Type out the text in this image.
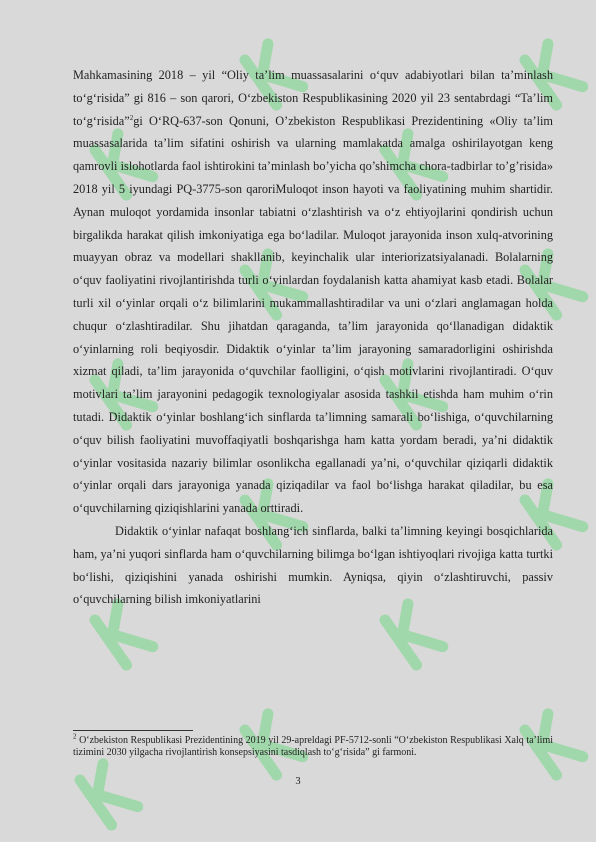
Mahkamasining 2018 – yil “Oliy ta’lim muassasalarini o‘quv adabiyotlari bilan ta’minlash to‘g‘risida” gi 816 – son qarori, O‘zbekiston Respublikasining 2020 yil 23 sentabrdagi “Ta’lim to‘g‘risida”$^2$gi O‘RQ-637-son Qonuni, O’zbekiston Respublikasi Prezidentining «Oliy ta’lim muassasalarida ta’lim sifatini oshirish va ularning mamlakatda amalga oshirilayotgan keng qamrovli islohotlarda faol ishtirokini ta’minlash bo’yicha qo’shimcha chora-tadbirlar to’g’risida» 2018 yil 5 iyundagi PQ-3775-son qaroriMuloqot inson hayoti va faoliyatining muhim shartidir. Aynan muloqot yordamida insonlar tabiatni o‘zlashtirish va o‘z ehtiyojlarini qondirish uchun birgalikda harakat qilish imkoniyatiga ega bo‘ladilar. Muloqot jarayonida inson xulq-atvorining muayyan obraz va modellari shakllanib, keyinchalik ular interiorizatsiyalanadi. Bolalarning o‘quv faoliyatini rivojlantirishda turli o‘yinlardan foydalanish katta ahamiyat kasb etadi. Bolalar turli xil o‘yinlar orqali o‘z bilimlarini mukammallashtiradilar va uni o‘zlari anglamagan holda chuqur o‘zlashtiradilar. Shu jihatdan qaraganda, ta’lim jarayonida qo‘llanadigan didaktik o‘yinlarning roli beqiyosdir. Didaktik o‘yinlar ta’lim jarayoning samaradorligini oshirishda xizmat qiladi, ta’lim jarayonida o‘quvchilar faolligini, o‘qish motivlarini rivojlantiradi. O‘quv motivlari ta’lim jarayonini pedagogik texnologiyalar asosida tashkil etishda ham muhim o‘rin tutadi. Didaktik o‘yinlar boshlang‘ich sinflarda ta’limning samarali bo‘lishiga, o‘quvchilarning o‘quv bilish faoliyatini muvoffaqiyatli boshqarishga ham katta yordam beradi, ya’ni didaktik o‘yinlar vositasida nazariy bilimlar osonlikcha egallanadi ya’ni, o‘quvchilar qiziqarli didaktik o‘yinlar orqali dars jarayoniga yanada qiziqadilar va faol bo‘lishga harakat qiladilar, bu esa o‘quvchilarning qiziqishlarini yanada orttiradi.

Didaktik o‘yinlar nafaqat boshlang‘ich sinflarda, balki ta’limning keyingi bosqichlarida ham, ya’ni yuqori sinflarda ham o‘quvchilarning bilimga bo‘lgan ishtiyoqlari rivojiga katta turtki bo‘lishi, qiziqishini yanada oshirishi mumkin. Ayniqsa, qiyin o‘zlashtiruvchi, passiv o‘quvchilarning bilish imkoniyatlarini

$^2$ O‘zbekiston Respublikasi Prezidentining 2019 yil 29-apreldagi PF-5712-sonli “O‘zbekiston Respublikasi Xalq ta’limi tizimini 2030 yilgacha rivojlantirish konsepsiyasini tasdiqlash to‘g‘risida” gi farmoni.
3
